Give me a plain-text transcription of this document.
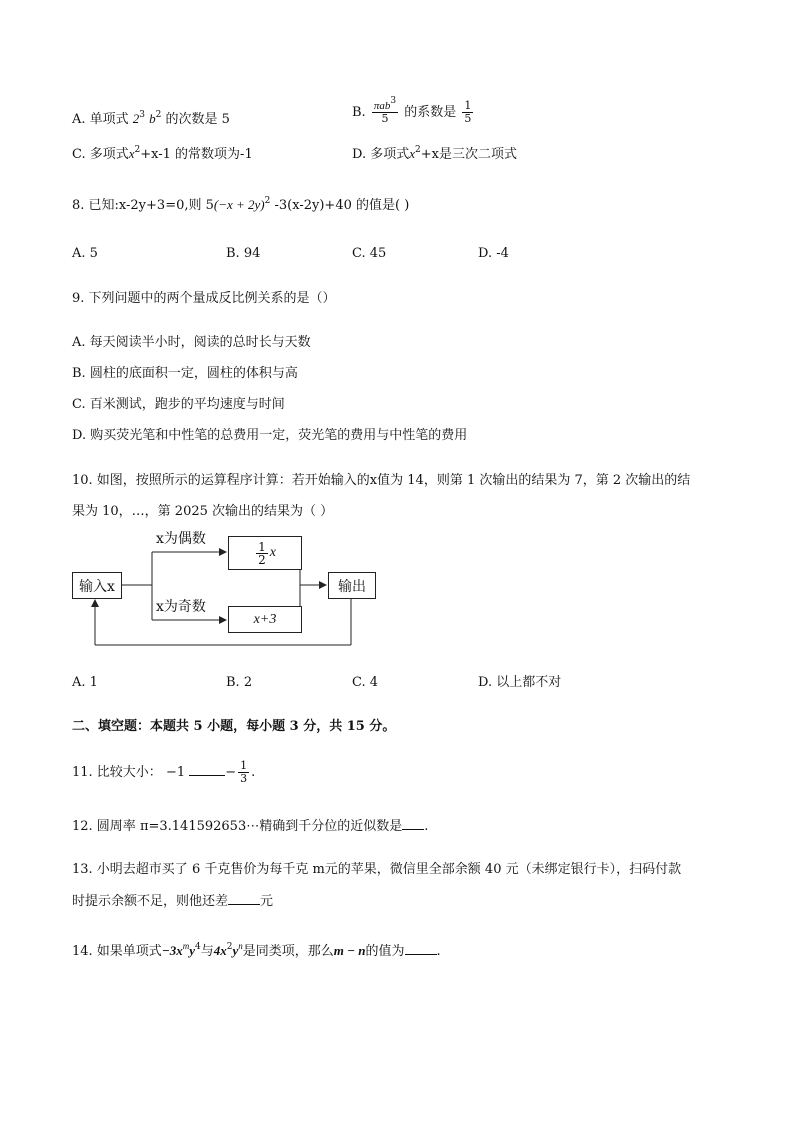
A. 单项式 $2^3$ $b^2$ 的次数是 5	B. $\frac{\pi ab^3}{5}$ 的系数是 $\frac{1}{5}$
C. 多项式$x^2+x-1$ 的常数项为-1	D. 多项式$x^2+x$是三次二项式
8. 已知:x-2y+3=0,则 $5(-x + 2y)^2$ -3(x-2y)+40 的值是( )
A. 5	B. 94	C. 45	D. -4
9. 下列问题中的两个量成反比例关系的是（）
A. 每天阅读半小时，阅读的总时长与天数
B. 圆柱的底面积一定，圆柱的体积与高
C. 百米测试，跑步的平均速度与时间
D. 购买荧光笔和中性笔的总费用一定，荧光笔的费用与中性笔的费用
10. 如图，按照所示的运算程序计算：若开始输入的x值为 14，则第 1 次输出的结果为 7，第 2 次输出的结
果为 10，…，第 2025 次输出的结果为（ ）
输入x
x为偶数
x为奇数
$\frac{1}{2}$ x
x+3
输出
A. 1	B. 2	C. 4	D. 以上都不对
二、填空题：本题共 5 小题，每小题 3 分，共 15 分。
11. 比较大小： −1	− $\frac{1}{3}$ .
12. 圆周率 π=3.141592653⋯精确到千分位的近似数是 .
13. 小明去超市买了 6 千克售价为每千克 m元的苹果，微信里全部余额 40 元（未绑定银行卡），扫码付款
时提示余额不足，则他还差 元
14. 如果单项式$-3x^my^4$与$4x^2y^n$是同类项，那么m − n的值为 .
